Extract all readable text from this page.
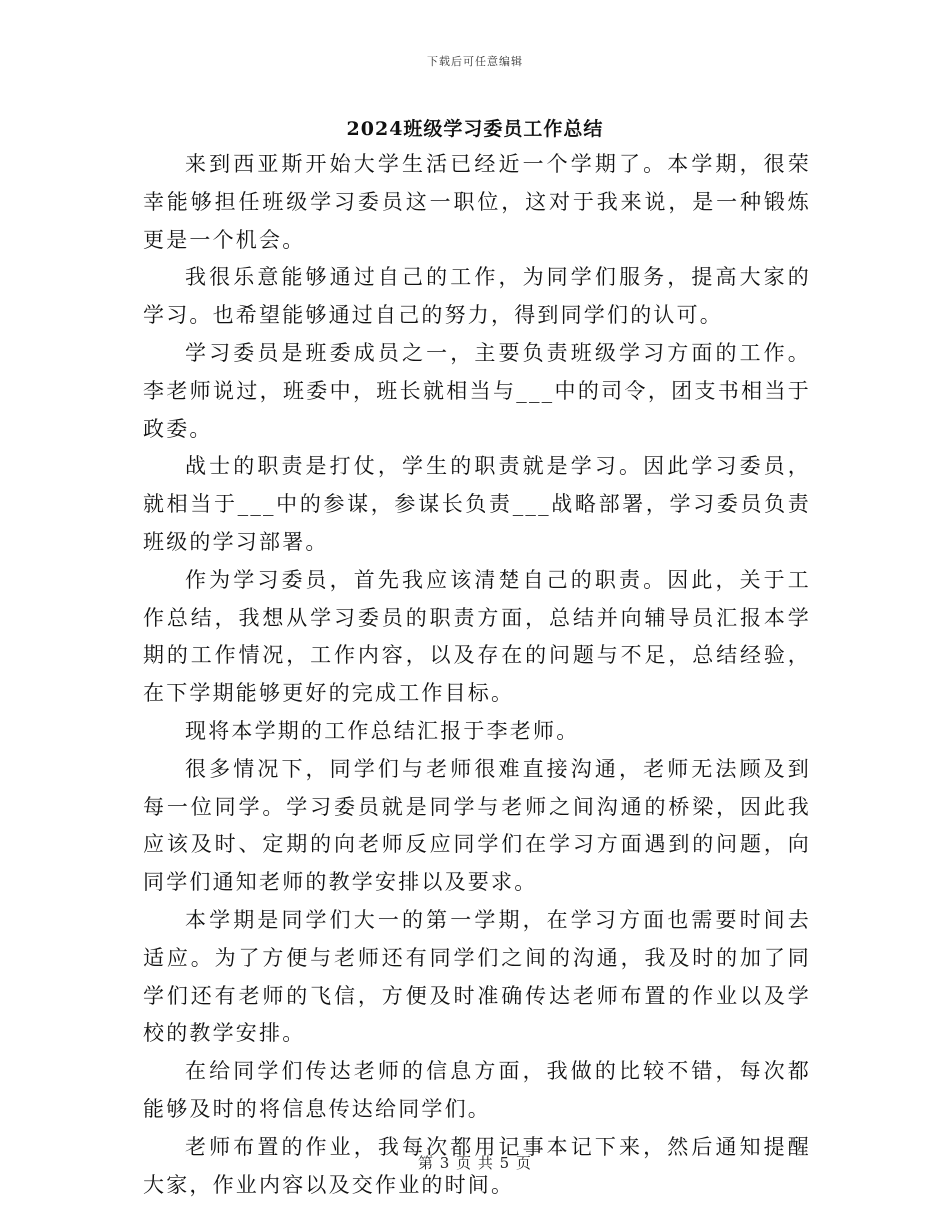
下载后可任意编辑
2024班级学习委员工作总结

来到西亚斯开始大学生活已经近一个学期了。本学期，很荣幸能够担任班级学习委员这一职位，这对于我来说，是一种锻炼更是一个机会。

我很乐意能够通过自己的工作，为同学们服务，提高大家的学习。也希望能够通过自己的努力，得到同学们的认可。

学习委员是班委成员之一，主要负责班级学习方面的工作。李老师说过，班委中，班长就相当与___中的司令，团支书相当于政委。

战士的职责是打仗，学生的职责就是学习。因此学习委员，就相当于___中的参谋，参谋长负责___战略部署，学习委员负责班级的学习部署。

作为学习委员，首先我应该清楚自己的职责。因此，关于工作总结，我想从学习委员的职责方面，总结并向辅导员汇报本学期的工作情况，工作内容，以及存在的问题与不足，总结经验，在下学期能够更好的完成工作目标。

现将本学期的工作总结汇报于李老师。

很多情况下，同学们与老师很难直接沟通，老师无法顾及到每一位同学。学习委员就是同学与老师之间沟通的桥梁，因此我应该及时、定期的向老师反应同学们在学习方面遇到的问题，向同学们通知老师的教学安排以及要求。

本学期是同学们大一的第一学期，在学习方面也需要时间去适应。为了方便与老师还有同学们之间的沟通，我及时的加了同学们还有老师的飞信，方便及时准确传达老师布置的作业以及学校的教学安排。

在给同学们传达老师的信息方面，我做的比较不错，每次都能够及时的将信息传达给同学们。

老师布置的作业，我每次都用记事本记下来，然后通知提醒大家，作业内容以及交作业的时间。

第 3 页 共 5 页
